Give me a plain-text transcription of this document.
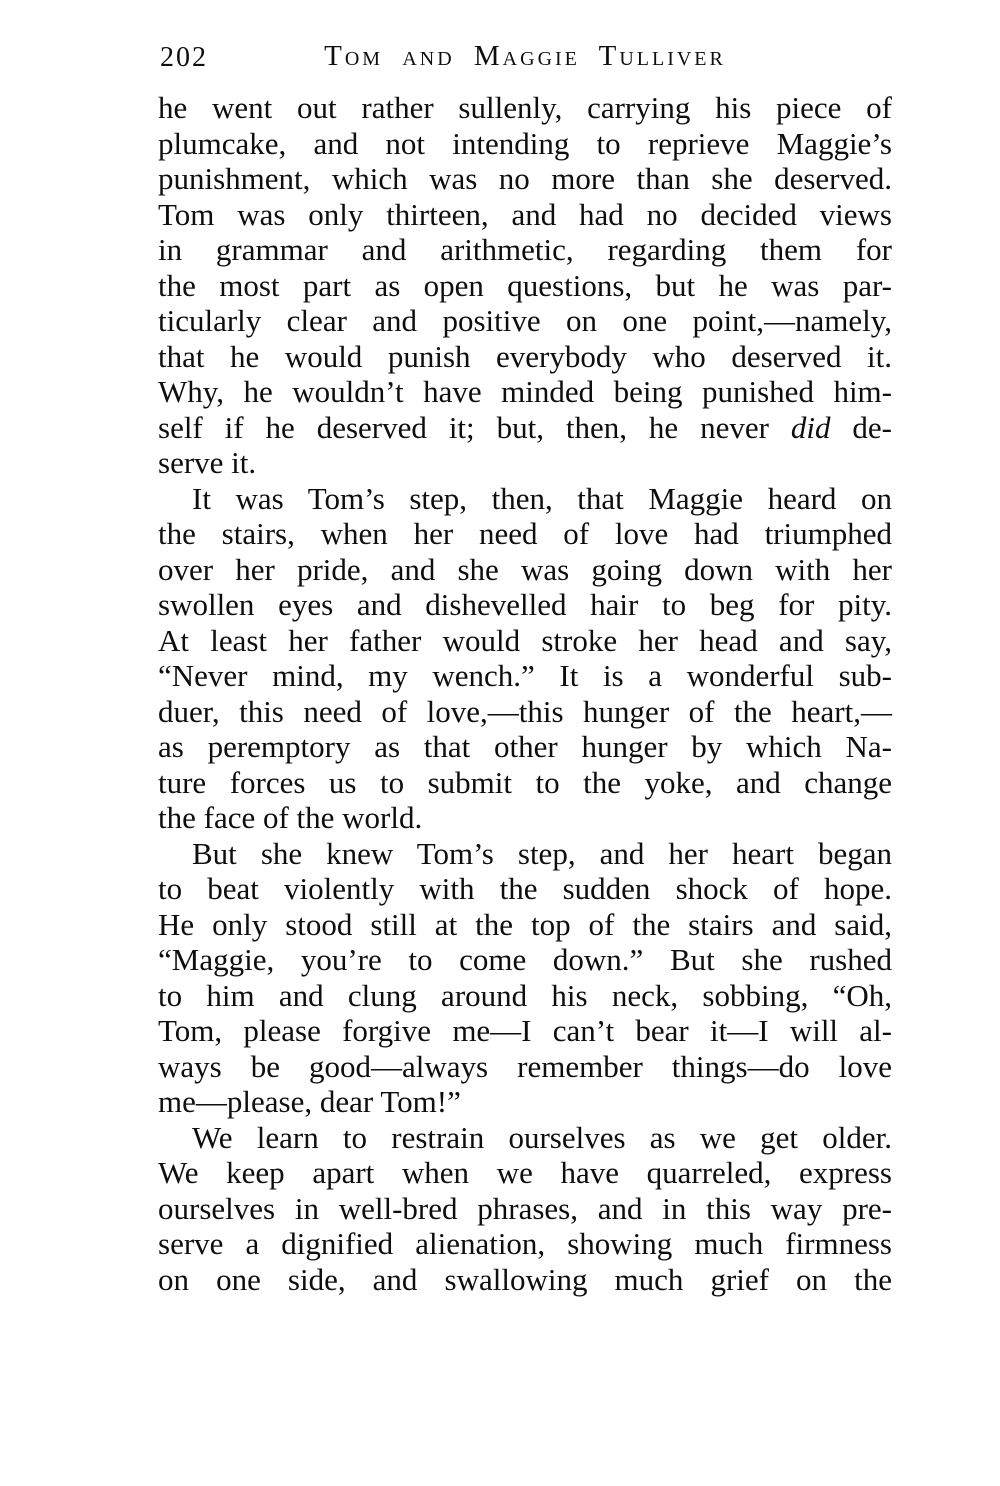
Tom and Maggie Tulliver
202
he went out rather sullenly, carrying his piece of
plumcake, and not intending to reprieve Maggie’s
punishment, which was no more than she deserved.
Tom was only thirteen, and had no decided views
in grammar and arithmetic, regarding them for
the most part as open questions, but he was par-
ticularly clear and positive on one point,—namely,
that he would punish everybody who deserved it.
Why, he wouldn’t have minded being punished him-
self if he deserved it; but, then, he never did de-
serve it.
It was Tom’s step, then, that Maggie heard on
the stairs, when her need of love had triumphed
over her pride, and she was going down with her
swollen eyes and dishevelled hair to beg for pity.
At least her father would stroke her head and say,
“Never mind, my wench.” It is a wonderful sub-
duer, this need of love,—this hunger of the heart,—
as peremptory as that other hunger by which Na-
ture forces us to submit to the yoke, and change
the face of the world.
But she knew Tom’s step, and her heart began
to beat violently with the sudden shock of hope.
He only stood still at the top of the stairs and said,
“Maggie, you’re to come down.” But she rushed
to him and clung around his neck, sobbing, “Oh,
Tom, please forgive me—I can’t bear it—I will al-
ways be good—always remember things—do love
me—please, dear Tom!”
We learn to restrain ourselves as we get older.
We keep apart when we have quarreled, express
ourselves in well-bred phrases, and in this way pre-
serve a dignified alienation, showing much firmness
on one side, and swallowing much grief on the
